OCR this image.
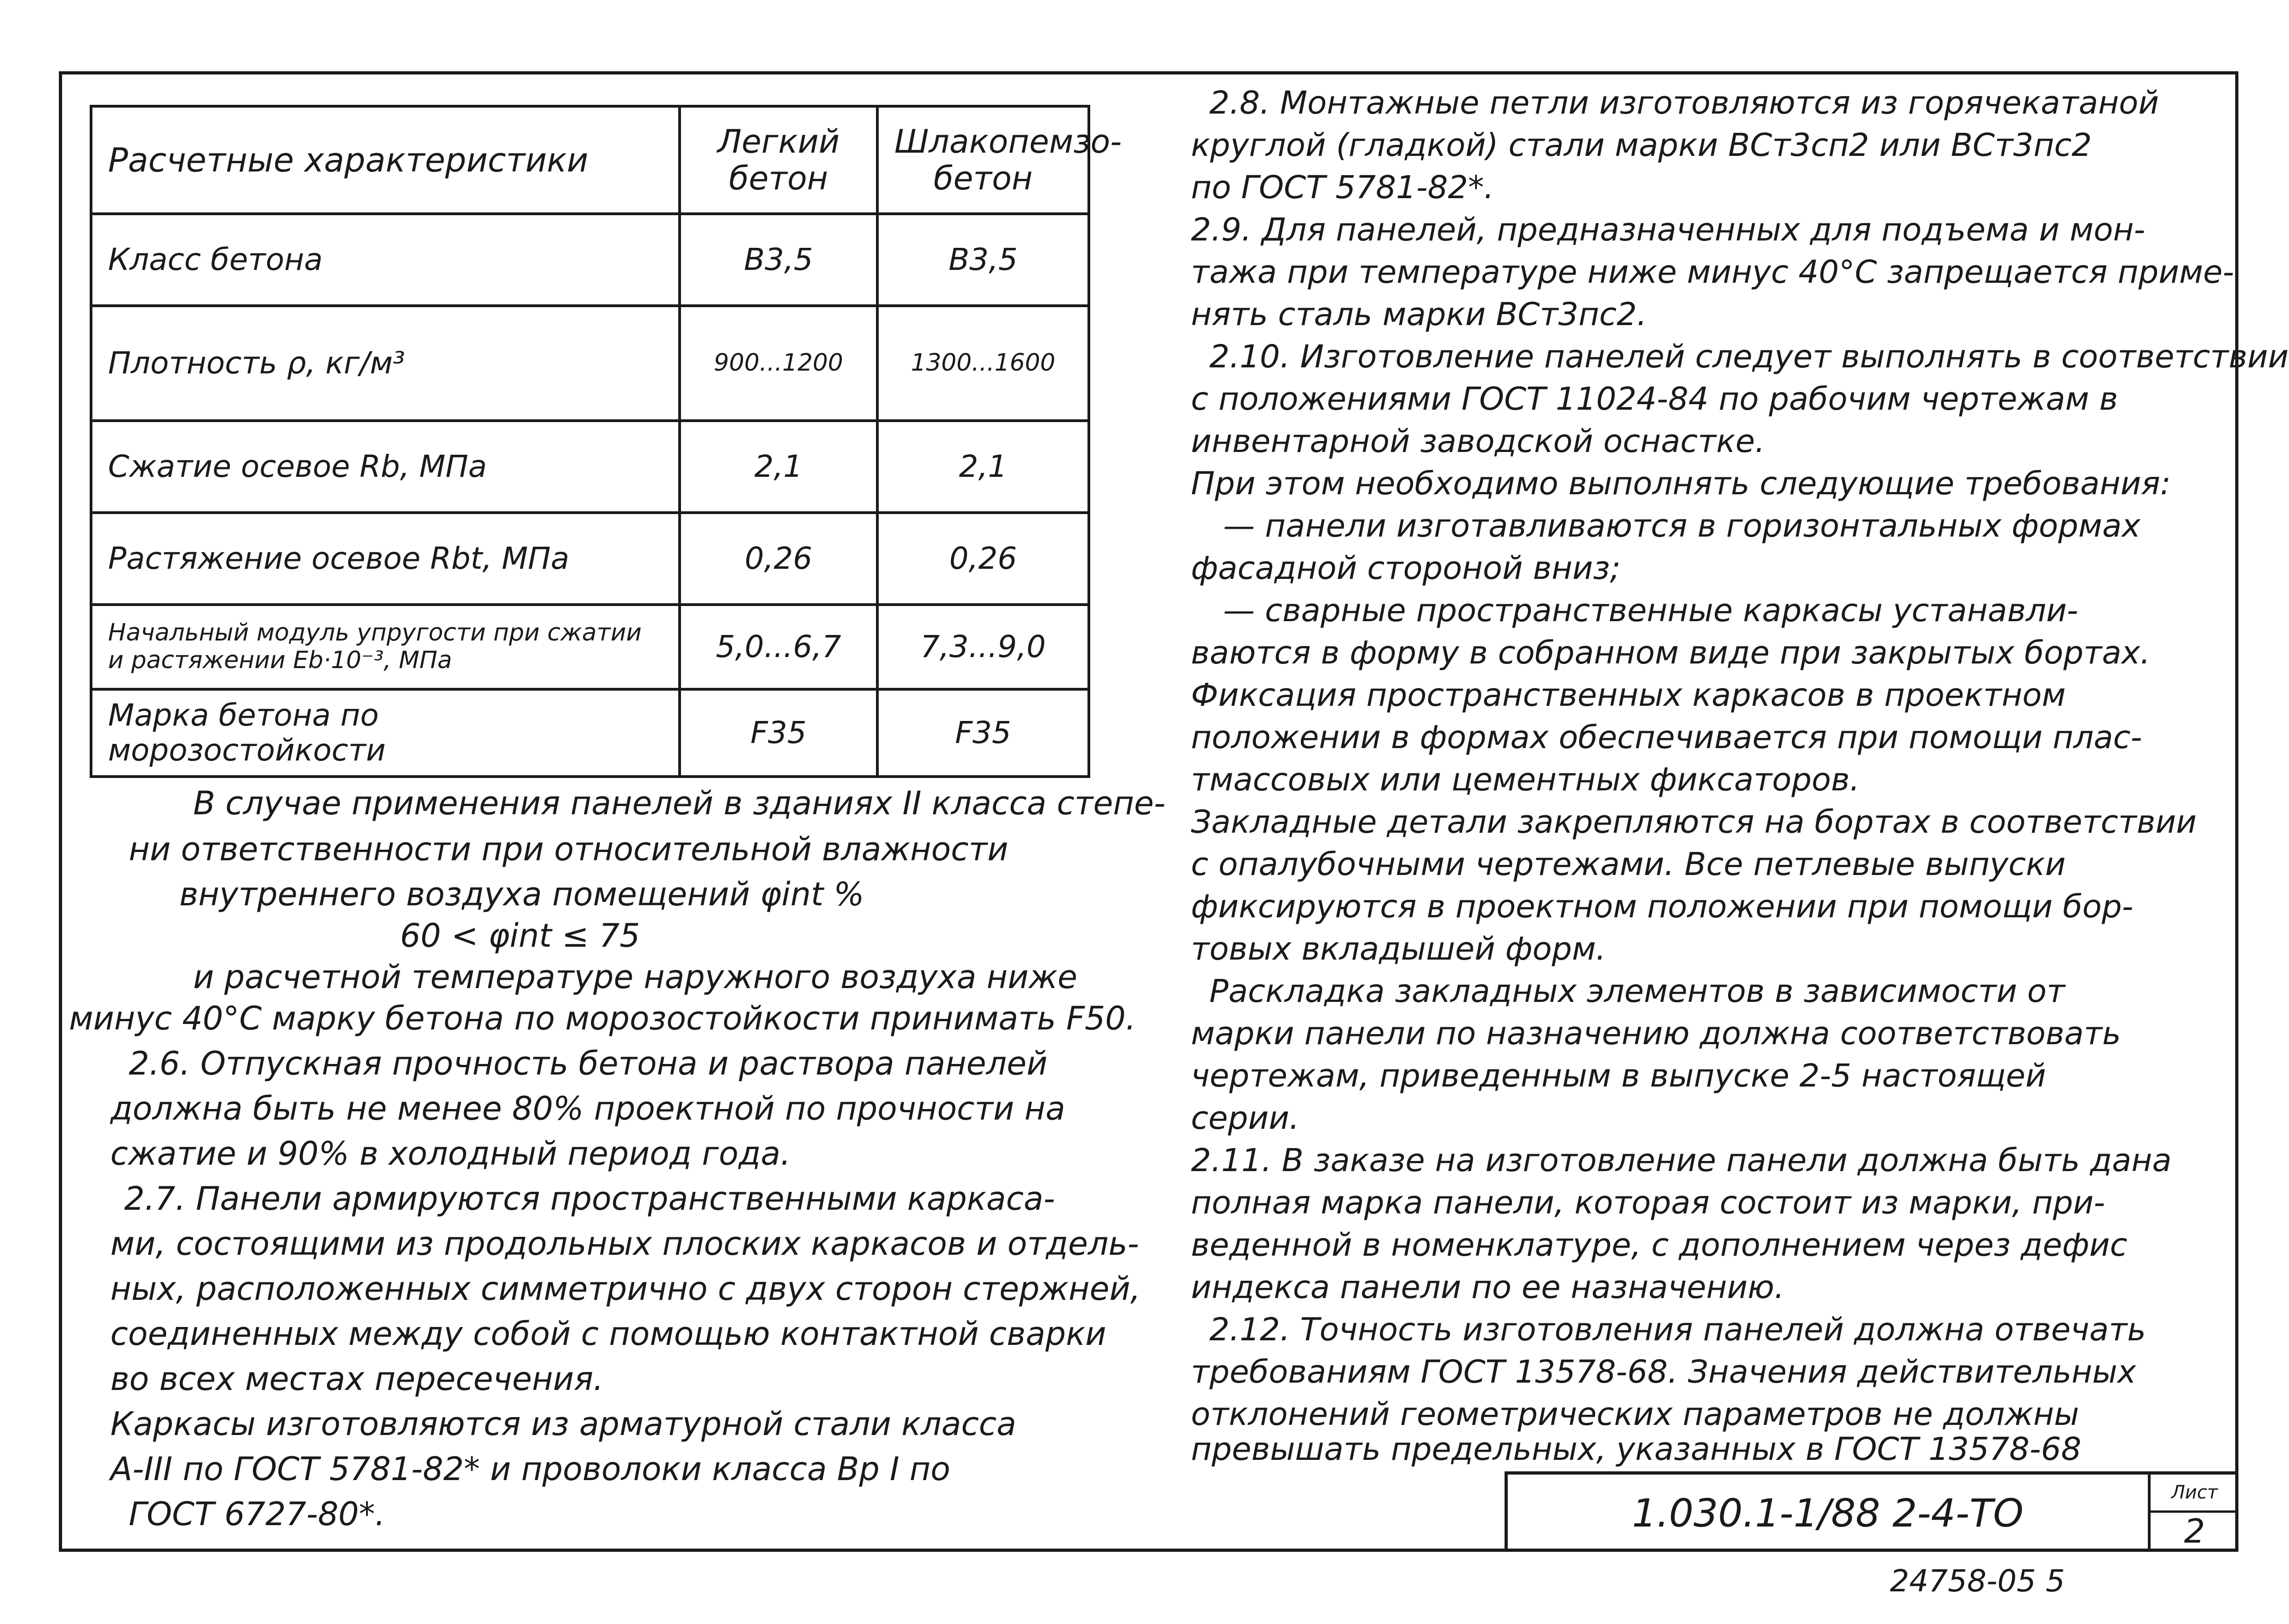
Расчетные характеристики	Легкий бетон	Шлакопемзо-бетон
Класс бетона	В3,5	В3,5
Плотность ρ, кг/м³	900...1200	1300...1600
Сжатие осевое Rb, МПа	2,1	2,1
Растяжение осевое Rbt, МПа	0,26	0,26
Начальный модуль упругости при сжатии и растяжении Eb·10⁻³, МПа	5,0...6,7	7,3...9,0
Марка бетона по морозостойкости	F35	F35
В случае применения панелей в зданиях II класса степе-
ни ответственности при относительной влажности
внутреннего воздуха помещений φint %
60 < φint ≤ 75
и расчетной температуре наружного воздуха ниже
минус 40°С марку бетона по морозостойкости принимать F50.
2.6. Отпускная прочность бетона и раствора панелей
должна быть не менее 80% проектной по прочности на
сжатие и 90% в холодный период года.
2.7. Панели армируются пространственными каркаса-
ми, состоящими из продольных плоских каркасов и отдель-
ных, расположенных симметрично с двух сторон стержней,
соединенных между собой с помощью контактной сварки
во всех местах пересечения.
Каркасы изготовляются из арматурной стали класса
А-III по ГОСТ 5781-82* и проволоки класса Вр I по
ГОСТ 6727-80*.
2.8. Монтажные петли изготовляются из горячекатаной
круглой (гладкой) стали марки ВСт3сп2 или ВСт3пс2
по ГОСТ 5781-82*.
2.9. Для панелей, предназначенных для подъема и мон-
тажа при температуре ниже минус 40°С запрещается приме-
нять сталь марки ВСт3пс2.
2.10. Изготовление панелей следует выполнять в соответствии
с положениями ГОСТ 11024-84 по рабочим чертежам в
инвентарной заводской оснастке.
При этом необходимо выполнять следующие требования:
— панели изготавливаются в горизонтальных формах
фасадной стороной вниз;
— сварные пространственные каркасы устанавли-
ваются в форму в собранном виде при закрытых бортах.
Фиксация пространственных каркасов в проектном
положении в формах обеспечивается при помощи плас-
тмассовых или цементных фиксаторов.
Закладные детали закрепляются на бортах в соответствии
с опалубочными чертежами. Все петлевые выпуски
фиксируются в проектном положении при помощи бор-
товых вкладышей форм.
Раскладка закладных элементов в зависимости от
марки панели по назначению должна соответствовать
чертежам, приведенным в выпуске 2-5 настоящей
серии.
2.11. В заказе на изготовление панели должна быть дана
полная марка панели, которая состоит из марки, при-
веденной в номенклатуре, с дополнением через дефис
индекса панели по ее назначению.
2.12. Точность изготовления панелей должна отвечать
требованиям ГОСТ 13578-68. Значения действительных
отклонений геометрических параметров не должны
превышать предельных, указанных в ГОСТ 13578-68
1.030.1-1/88 2-4-ТО	Лист
2
24758-05 5
